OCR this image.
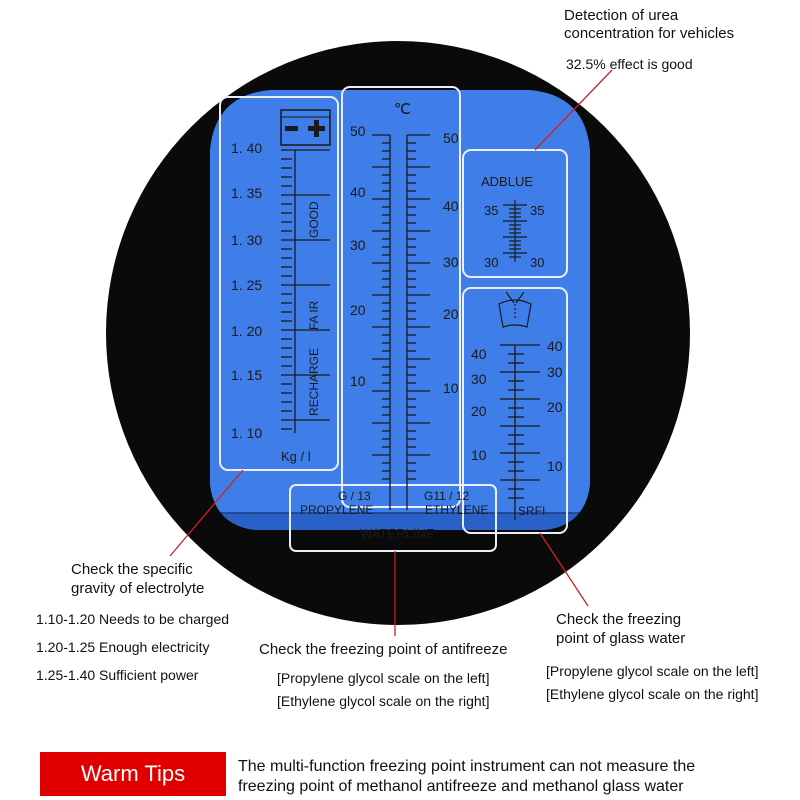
1. 40
1. 35
1. 30
1. 25
1. 20
1. 15
1. 10
Kg / l
GOOD
FA IR
RECHARGE
℃
50
40
30
20
10
50
40
30
20
10
G / 13
PROPYLENE
G11 / 12
ETHYLENE
WATERLINE
ADBLUE
35 35
30 30
40
30
20
10
40
30
20
10
SRFI
Detection of urea
concentration for vehicles
32.5% effect is good
Check the specific
gravity of electrolyte
1.10-1.20 Needs to be charged
1.20-1.25 Enough electricity
1.25-1.40 Sufficient power
Check the freezing point of antifreeze
[Propylene glycol scale on the left]
[Ethylene glycol scale on the right]
Check the freezing
point of glass water
[Propylene glycol scale on the left]
[Ethylene glycol scale on the right]
Warm Tips	The multi-function freezing point instrument can not measure the
freezing point of methanol antifreeze and methanol glass water
